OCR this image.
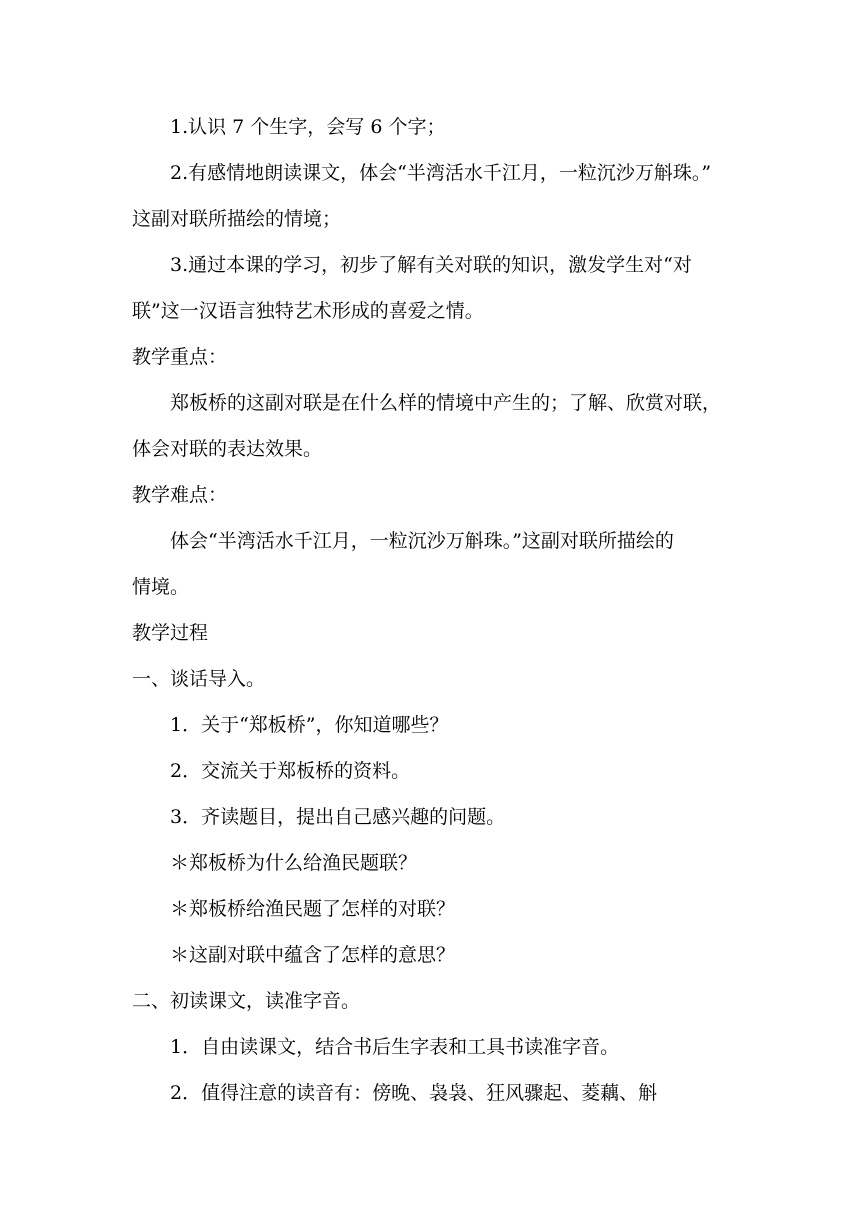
1.认识 7 个生字，会写 6 个字；
2.有感情地朗读课文，体会“半湾活水千江月，一粒沉沙万斛珠。”
这副对联所描绘的情境；
3.通过本课的学习，初步了解有关对联的知识，激发学生对“对
联”这一汉语言独特艺术形成的喜爱之情。
教学重点：
郑板桥的这副对联是在什么样的情境中产生的；了解、欣赏对联，
体会对联的表达效果。
教学难点：
体会“半湾活水千江月，一粒沉沙万斛珠。”这副对联所描绘的
情境。
教学过程
一、谈话导入。
1．关于“郑板桥”，你知道哪些？
2．交流关于郑板桥的资料。
3．齐读题目，提出自己感兴趣的问题。
＊郑板桥为什么给渔民题联？
＊郑板桥给渔民题了怎样的对联？
＊这副对联中蕴含了怎样的意思？
二、初读课文，读准字音。
1．自由读课文，结合书后生字表和工具书读准字音。
2．值得注意的读音有：傍晚、袅袅、狂风骤起、菱藕、斛
